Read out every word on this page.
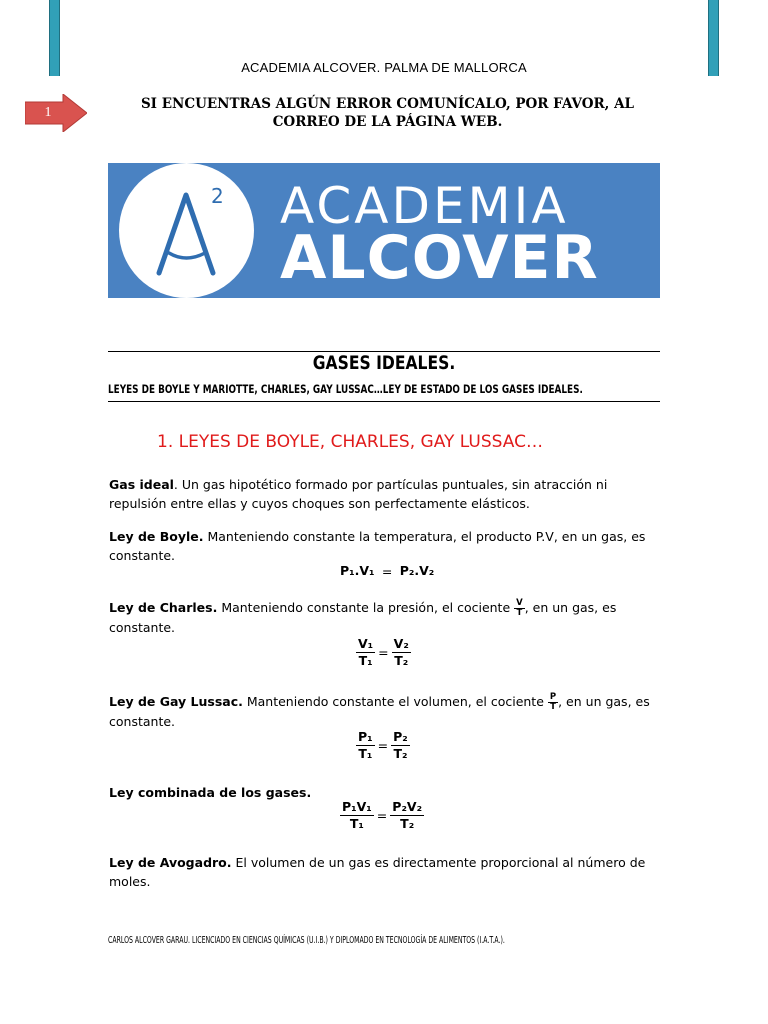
ACADEMIA ALCOVER. PALMA DE MALLORCA
1
SI ENCUENTRAS ALGÚN ERROR COMUNÍCALO, POR FAVOR, AL
CORREO DE LA PÁGINA WEB.
2 ACADEMIA
ALCOVER
GASES IDEALES.
LEYES DE BOYLE Y MARIOTTE, CHARLES, GAY LUSSAC…LEY DE ESTADO DE LOS GASES IDEALES.
1. LEYES DE BOYLE, CHARLES, GAY LUSSAC…
Gas ideal. Un gas hipotético formado por partículas puntuales, sin atracción ni repulsión entre ellas y cuyos choques son perfectamente elásticos.
Ley de Boyle. Manteniendo constante la temperatura, el producto P.V, en un gas, es constante.
P₁.V₁ = P₂.V₂
Ley de Charles. Manteniendo constante la presión, el cociente $\frac{V}{T}$ , en un gas, es constante.
$\frac{\text{V₁}}{\text{T₁}} = \frac{\text{V₂}}{\text{T₂}}$
Ley de Gay Lussac. Manteniendo constante el volumen, el cociente $\frac{P}{T}$ , en un gas, es constante.
$\frac{\text{P₁}}{\text{T₁}} = \frac{\text{P₂}}{\text{T₂}}$
Ley combinada de los gases.
$\frac{\text{P₁V₁}}{\text{T₁}} = \frac{\text{P₂V₂}}{\text{T₂}}$
Ley de Avogadro. El volumen de un gas es directamente proporcional al número de moles.
CARLOS ALCOVER GARAU. LICENCIADO EN CIENCIAS QUÍMICAS (U.I.B.) Y DIPLOMADO EN TECNOLOGÍA DE ALIMENTOS (I.A.T.A.).
